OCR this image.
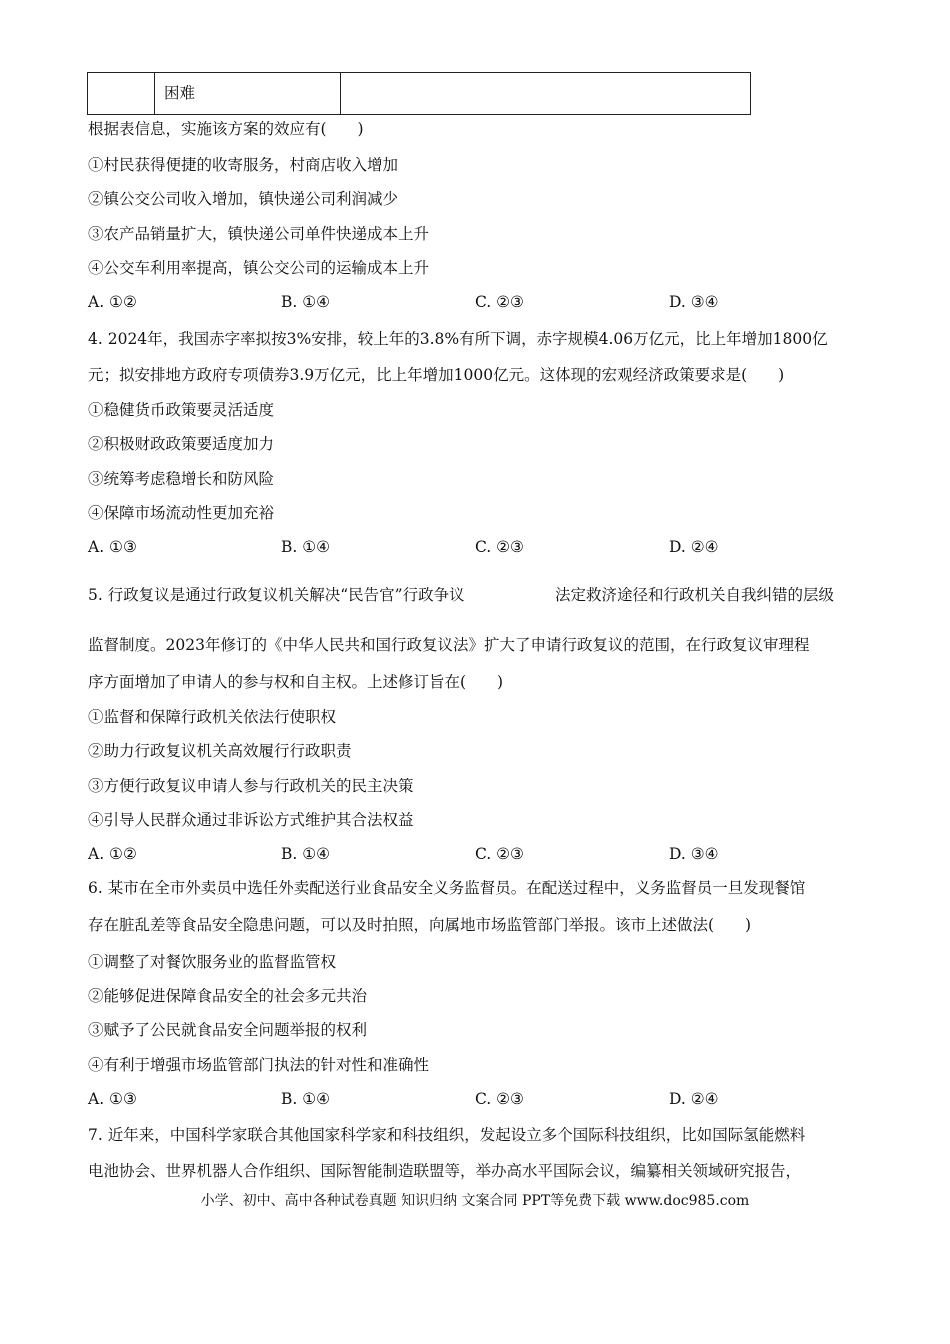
困难
根据表信息，实施该方案的效应有(　　)
①村民获得便捷的收寄服务，村商店收入增加
②镇公交公司收入增加，镇快递公司利润减少
③农产品销量扩大，镇快递公司单件快递成本上升
④公交车利用率提高，镇公交公司的运输成本上升
A. ①②	B. ①④	C. ②③	D. ③④
4. 2024年，我国赤字率拟按3%安排，较上年的3.8%有所下调，赤字规模4.06万亿元，比上年增加1800亿
元；拟安排地方政府专项债券3.9万亿元，比上年增加1000亿元。这体现的宏观经济政策要求是(　　)
①稳健货币政策要灵活适度
②积极财政政策要适度加力
③统筹考虑稳增长和防风险
④保障市场流动性更加充裕
A. ①③	B. ①④	C. ②③	D. ②④
5. 行政复议是通过行政复议机关解决“民告官”行政争议	法定救济途径和行政机关自我纠错的层级
监督制度。2023年修订的《中华人民共和国行政复议法》扩大了申请行政复议的范围，在行政复议审理程
序方面增加了申请人的参与权和自主权。上述修订旨在(　　)
①监督和保障行政机关依法行使职权
②助力行政复议机关高效履行行政职责
③方便行政复议申请人参与行政机关的民主决策
④引导人民群众通过非诉讼方式维护其合法权益
A. ①②	B. ①④	C. ②③	D. ③④
6. 某市在全市外卖员中选任外卖配送行业食品安全义务监督员。在配送过程中，义务监督员一旦发现餐馆
存在脏乱差等食品安全隐患问题，可以及时拍照，向属地市场监管部门举报。该市上述做法(　　)
①调整了对餐饮服务业的监督监管权
②能够促进保障食品安全的社会多元共治
③赋予了公民就食品安全问题举报的权利
④有利于增强市场监管部门执法的针对性和准确性
A. ①③	B. ①④	C. ②③	D. ②④
7. 近年来，中国科学家联合其他国家科学家和科技组织，发起设立多个国际科技组织，比如国际氢能燃料
电池协会、世界机器人合作组织、国际智能制造联盟等，举办高水平国际会议，编纂相关领域研究报告，
小学、初中、高中各种试卷真题 知识归纳 文案合同 PPT等免费下载 www.doc985.com
